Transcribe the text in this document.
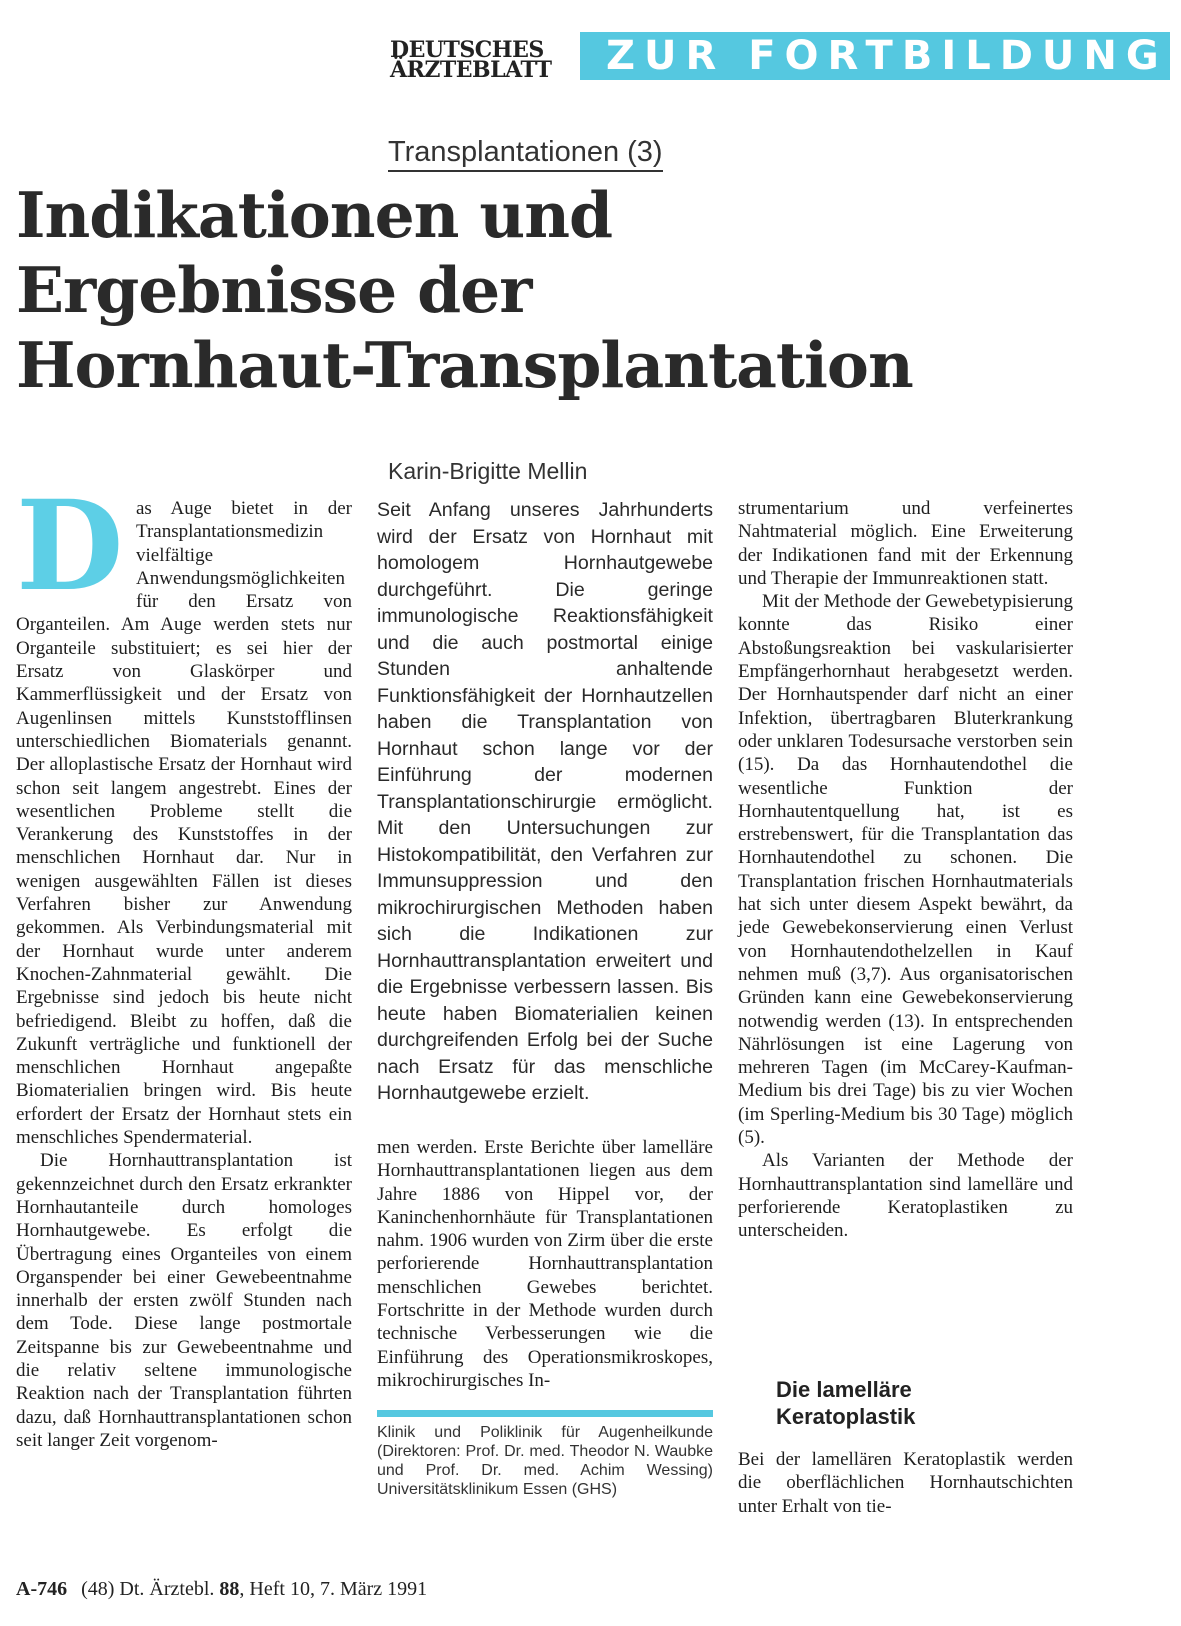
DEUTSCHES
ÄRZTEBLATT	ZUR FORTBILDUNG
Transplantationen (3)
Indikationen und
Ergebnisse der
Hornhaut-Transplantation
Karin-Brigitte Mellin

Das Auge bietet in der Transplantationsmedizin vielfältige Anwendungsmöglichkeiten für den Ersatz von Organteilen. Am Auge werden stets nur Organteile substituiert; es sei hier der Ersatz von Glaskörper und Kammerflüssigkeit und der Ersatz von Augenlinsen mittels Kunststofflinsen unterschiedlichen Biomaterials genannt. Der alloplastische Ersatz der Hornhaut wird schon seit langem angestrebt. Eines der wesentlichen Probleme stellt die Verankerung des Kunststoffes in der menschlichen Hornhaut dar. Nur in wenigen ausgewählten Fällen ist dieses Verfahren bisher zur Anwendung gekommen. Als Verbindungsmaterial mit der Hornhaut wurde unter anderem Knochen-Zahnmaterial gewählt. Die Ergebnisse sind jedoch bis heute nicht befriedigend. Bleibt zu hoffen, daß die Zukunft verträgliche und funktionell der menschlichen Hornhaut angepaßte Biomaterialien bringen wird. Bis heute erfordert der Ersatz der Hornhaut stets ein menschliches Spendermaterial.

Die Hornhauttransplantation ist gekennzeichnet durch den Ersatz erkrankter Hornhautanteile durch homologes Hornhautgewebe. Es erfolgt die Übertragung eines Organteiles von einem Organspender bei einer Gewebeentnahme innerhalb der ersten zwölf Stunden nach dem Tode. Diese lange postmortale Zeitspanne bis zur Gewebeentnahme und die relativ seltene immunologische Reaktion nach der Transplantation führten dazu, daß Hornhauttransplantationen schon seit langer Zeit vorgenom-

Seit Anfang unseres Jahrhunderts wird der Ersatz von Hornhaut mit homologem Hornhautgewebe durchgeführt. Die geringe immunologische Reaktionsfähigkeit und die auch postmortal einige Stunden anhaltende Funktionsfähigkeit der Hornhautzellen haben die Transplantation von Hornhaut schon lange vor der Einführung der modernen Transplantationschirurgie ermöglicht. Mit den Untersuchungen zur Histokompatibilität, den Verfahren zur Immunsuppression und den mikrochirurgischen Methoden haben sich die Indikationen zur Hornhauttransplantation erweitert und die Ergebnisse verbessern lassen. Bis heute haben Biomaterialien keinen durchgreifenden Erfolg bei der Suche nach Ersatz für das menschliche Hornhautgewebe erzielt.

men werden. Erste Berichte über lamelläre Hornhauttransplantationen liegen aus dem Jahre 1886 von Hippel vor, der Kaninchenhornhäute für Transplantationen nahm. 1906 wurden von Zirm über die erste perforierende Hornhauttransplantation menschlichen Gewebes berichtet. Fortschritte in der Methode wurden durch technische Verbesserungen wie die Einführung des Operationsmikroskopes, mikrochirurgisches In-

Klinik und Poliklinik für Augenheilkunde (Direktoren: Prof. Dr. med. Theodor N. Waubke und Prof. Dr. med. Achim Wessing) Universitätsklinikum Essen (GHS)

strumentarium und verfeinertes Nahtmaterial möglich. Eine Erweiterung der Indikationen fand mit der Erkennung und Therapie der Immunreaktionen statt.

Mit der Methode der Gewebetypisierung konnte das Risiko einer Abstoßungsreaktion bei vaskularisierter Empfängerhornhaut herabgesetzt werden. Der Hornhautspender darf nicht an einer Infektion, übertragbaren Bluterkrankung oder unklaren Todesursache verstorben sein (15). Da das Hornhautendothel die wesentliche Funktion der Hornhautentquellung hat, ist es erstrebenswert, für die Transplantation das Hornhautendothel zu schonen. Die Transplantation frischen Hornhautmaterials hat sich unter diesem Aspekt bewährt, da jede Gewebekonservierung einen Verlust von Hornhautendothelzellen in Kauf nehmen muß (3,7). Aus organisatorischen Gründen kann eine Gewebekonservierung notwendig werden (13). In entsprechenden Nährlösungen ist eine Lagerung von mehreren Tagen (im McCarey-Kaufman-Medium bis drei Tage) bis zu vier Wochen (im Sperling-Medium bis 30 Tage) möglich (5).

Als Varianten der Methode der Hornhauttransplantation sind lamelläre und perforierende Keratoplastiken zu unterscheiden.

Die lamelläre
Keratoplastik

Bei der lamellären Keratoplastik werden die oberflächlichen Hornhautschichten unter Erhalt von tie-

A-746 (48) Dt. Ärztebl. 88, Heft 10, 7. März 1991
